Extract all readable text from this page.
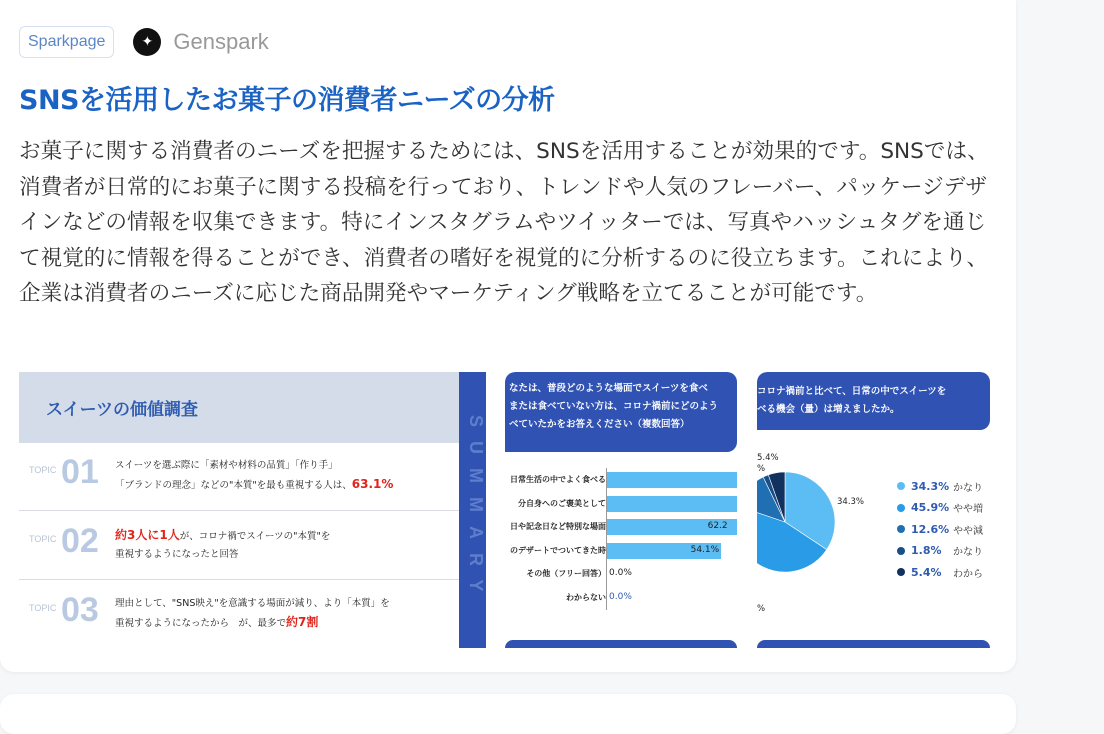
Sparkpage	✦ Genspark
SNSを活用したお菓子の消費者ニーズの分析
お菓子に関する消費者のニーズを把握するためには、SNSを活用することが効果的です。SNSでは、消費者が日常的にお菓子に関する投稿を行っており、トレンドや人気のフレーバー、パッケージデザインなどの情報を収集できます。特にインスタグラムやツイッターでは、写真やハッシュタグを通じて視覚的に情報を得ることができ、消費者の嗜好を視覚的に分析するのに役立ちます。これにより、企業は消費者のニーズに応じた商品開発やマーケティング戦略を立てることが可能です。
スイーツの価値調査
TOPIC 01 スイーツを選ぶ際に「素材や材料の品質」「作り手」
「ブランドの理念」などの"本質"を最も重視する人は、63.1%
TOPIC 02 約3人に1人が、コロナ禍でスイーツの"本質"を
重視するようになったと回答
TOPIC 03 理由として、"SNS映え"を意識する場面が減り、より「本質」を
重視するようになったから　が、最多で約7割
SUMMARY
なたは、普段どのような場面でスイーツを食べ
または食べていない方は、コロナ禍前にどのよう
べていたかをお答えください（複数回答）
日常生活の中でよく食べる
分自身へのご褒美として
日や記念日など特別な場面	62.2
のデザートでついてきた時	54.1%
その他（フリー回答） 0.0%
わからない 0.0%
コロナ禍前と比べて、日常の中でスイーツを
べる機会（量）は増えましたか。
5.4%
%
34.3%
%
34.3% かなり
45.9% やや増
12.6% やや減
1.8%	かなり
5.4%	わから
